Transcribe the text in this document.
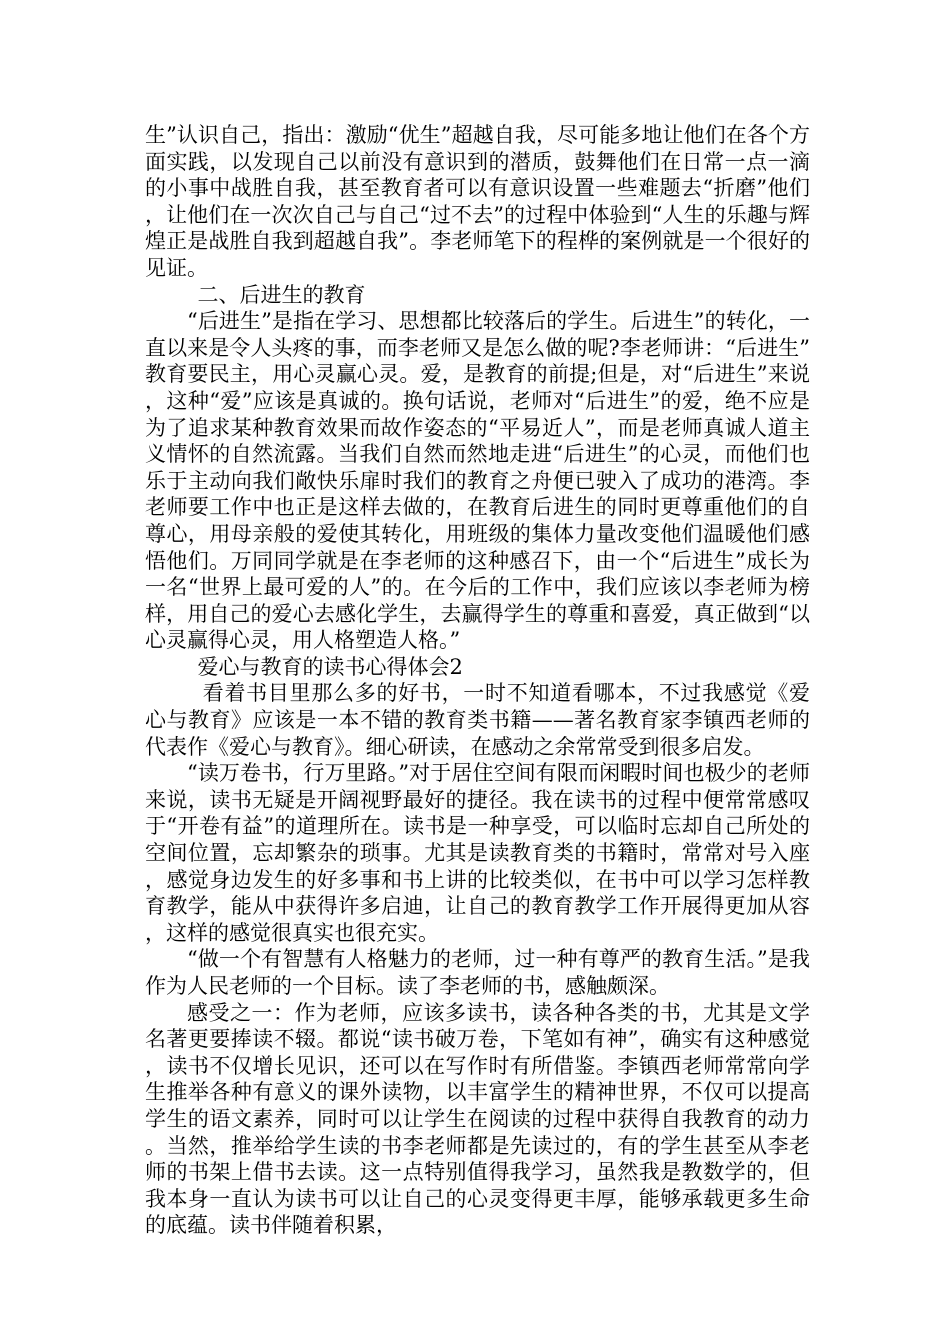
生”认识自己，指出：激励“优生”超越自我，尽可能多地让他们在各个方面实践，以发现自己以前没有意识到的潜质，鼓舞他们在日常一点一滴的小事中战胜自我，甚至教育者可以有意识设置一些难题去“折磨”他们，让他们在一次次自己与自己“过不去”的过程中体验到“人生的乐趣与辉煌正是战胜自我到超越自我”。李老师笔下的程桦的案例就是一个很好的见证。

二、后进生的教育

“后进生”是指在学习、思想都比较落后的学生。后进生”的转化，一直以来是令人头疼的事，而李老师又是怎么做的呢?李老师讲：“后进生”教育要民主，用心灵赢心灵。爱，是教育的前提;但是，对“后进生”来说，这种“爱”应该是真诚的。换句话说，老师对“后进生”的爱，绝不应是为了追求某种教育效果而故作姿态的“平易近人”，而是老师真诚人道主义情怀的自然流露。当我们自然而然地走进“后进生”的心灵，而他们也乐于主动向我们敞快乐扉时我们的教育之舟便已驶入了成功的港湾。李老师要工作中也正是这样去做的，在教育后进生的同时更尊重他们的自尊心，用母亲般的爱使其转化，用班级的集体力量改变他们温暖他们感悟他们。万同同学就是在李老师的这种感召下，由一个“后进生”成长为一名“世界上最可爱的人”的。在今后的工作中，我们应该以李老师为榜样，用自己的爱心去感化学生，去赢得学生的尊重和喜爱，真正做到“以心灵赢得心灵，用人格塑造人格。”

爱心与教育的读书心得体会2

看着书目里那么多的好书，一时不知道看哪本，不过我感觉《爱心与教育》应该是一本不错的教育类书籍——著名教育家李镇西老师的代表作《爱心与教育》。细心研读，在感动之余常常受到很多启发。

“读万卷书，行万里路。”对于居住空间有限而闲暇时间也极少的老师来说，读书无疑是开阔视野最好的捷径。我在读书的过程中便常常感叹于“开卷有益”的道理所在。读书是一种享受，可以临时忘却自己所处的空间位置，忘却繁杂的琐事。尤其是读教育类的书籍时，常常对号入座，感觉身边发生的好多事和书上讲的比较类似，在书中可以学习怎样教育教学，能从中获得许多启迪，让自己的教育教学工作开展得更加从容，这样的感觉很真实也很充实。

“做一个有智慧有人格魅力的老师，过一种有尊严的教育生活。”是我作为人民老师的一个目标。读了李老师的书，感触颇深。

感受之一：作为老师，应该多读书，读各种各类的书，尤其是文学名著更要捧读不辍。都说“读书破万卷，下笔如有神”，确实有这种感觉，读书不仅增长见识，还可以在写作时有所借鉴。李镇西老师常常向学生推举各种有意义的课外读物，以丰富学生的精神世界，不仅可以提高学生的语文素养，同时可以让学生在阅读的过程中获得自我教育的动力。当然，推举给学生读的书李老师都是先读过的，有的学生甚至从李老师的书架上借书去读。这一点特别值得我学习，虽然我是教数学的，但我本身一直认为读书可以让自己的心灵变得更丰厚，能够承载更多生命的底蕴。读书伴随着积累，
